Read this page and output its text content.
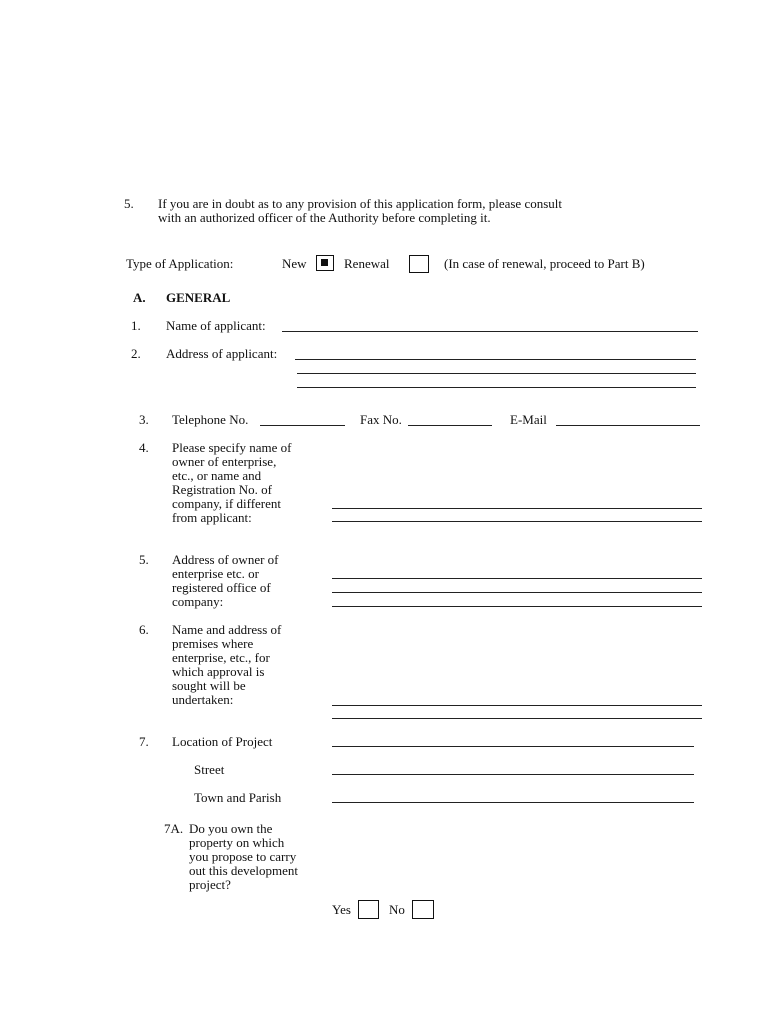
5. If you are in doubt as to any provision of this application form, please consult
with an authorized officer of the Authority before completing it.
Type of Application:	New	Renewal	(In case of renewal, proceed to Part B)
A. GENERAL
1. Name of applicant:
2. Address of applicant:
3. Telephone No.	Fax No.	E-Mail
4. Please specify name of
owner of enterprise,
etc., or name and
Registration No. of
company, if different
from applicant:
5. Address of owner of
enterprise etc. or
registered office of
company:
6. Name and address of
premises where
enterprise, etc., for
which approval is
sought will be
undertaken:
7. Location of Project
Street
Town and Parish
7A. Do you own the
property on which
you propose to carry
out this development
project?
Yes	No
